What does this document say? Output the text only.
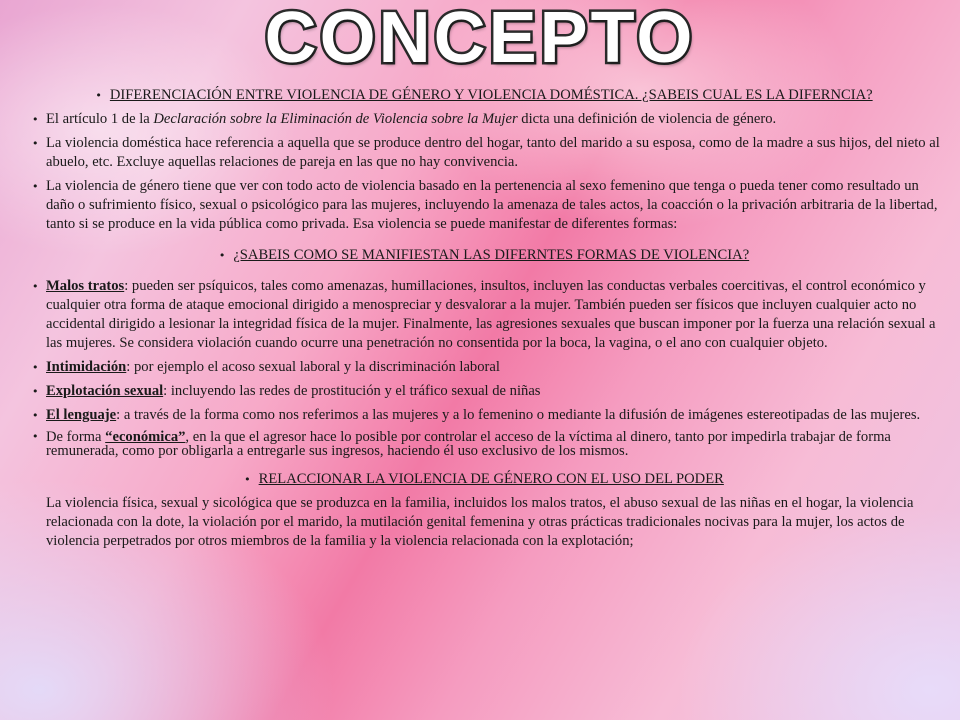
CONCEPTO
• DIFERENCIACIÓN ENTRE VIOLENCIA DE GÉNERO Y VIOLENCIA DOMÉSTICA. ¿SABEIS CUAL ES LA DIFERNCIA?
• El artículo 1 de la Declaración sobre la Eliminación de Violencia sobre la Mujer dicta una definición de violencia de género.
• La violencia doméstica hace referencia a aquella que se produce dentro del hogar, tanto del marido a su esposa, como de la madre a sus hijos, del nieto al abuelo, etc. Excluye aquellas relaciones de pareja en las que no hay convivencia.
• La violencia de género tiene que ver con todo acto de violencia basado en la pertenencia al sexo femenino que tenga o pueda tener como resultado un daño o sufrimiento físico, sexual o psicológico para las mujeres, incluyendo la amenaza de tales actos, la coacción o la privación arbitraria de la libertad, tanto si se produce en la vida pública como privada. Esa violencia se puede manifestar de diferentes formas:
• ¿SABEIS COMO SE MANIFIESTAN LAS DIFERNTES FORMAS DE VIOLENCIA?
• Malos tratos: pueden ser psíquicos, tales como amenazas, humillaciones, insultos, incluyen las conductas verbales coercitivas, el control económico y cualquier otra forma de ataque emocional dirigido a menospreciar y desvalorar a la mujer. También pueden ser físicos que incluyen cualquier acto no accidental dirigido a lesionar la integridad física de la mujer. Finalmente, las agresiones sexuales que buscan imponer por la fuerza una relación sexual a las mujeres. Se considera violación cuando ocurre una penetración no consentida por la boca, la vagina, o el ano con cualquier objeto.
• Intimidación: por ejemplo el acoso sexual laboral y la discriminación laboral
• Explotación sexual: incluyendo las redes de prostitución y el tráfico sexual de niñas
• El lenguaje: a través de la forma como nos referimos a las mujeres y a lo femenino o mediante la difusión de imágenes estereotipadas de las mujeres.
• De forma “económica”, en la que el agresor hace lo posible por controlar el acceso de la víctima al dinero, tanto por impedirla trabajar de forma remunerada, como por obligarla a entregarle sus ingresos, haciendo él uso exclusivo de los mismos.
• RELACCIONAR LA VIOLENCIA DE GÉNERO CON EL USO DEL PODER
La violencia física, sexual y sicológica que se produzca en la familia, incluidos los malos tratos, el abuso sexual de las niñas en el hogar, la violencia relacionada con la dote, la violación por el marido, la mutilación genital femenina y otras prácticas tradicionales nocivas para la mujer, los actos de violencia perpetrados por otros miembros de la familia y la violencia relacionada con la explotación;
